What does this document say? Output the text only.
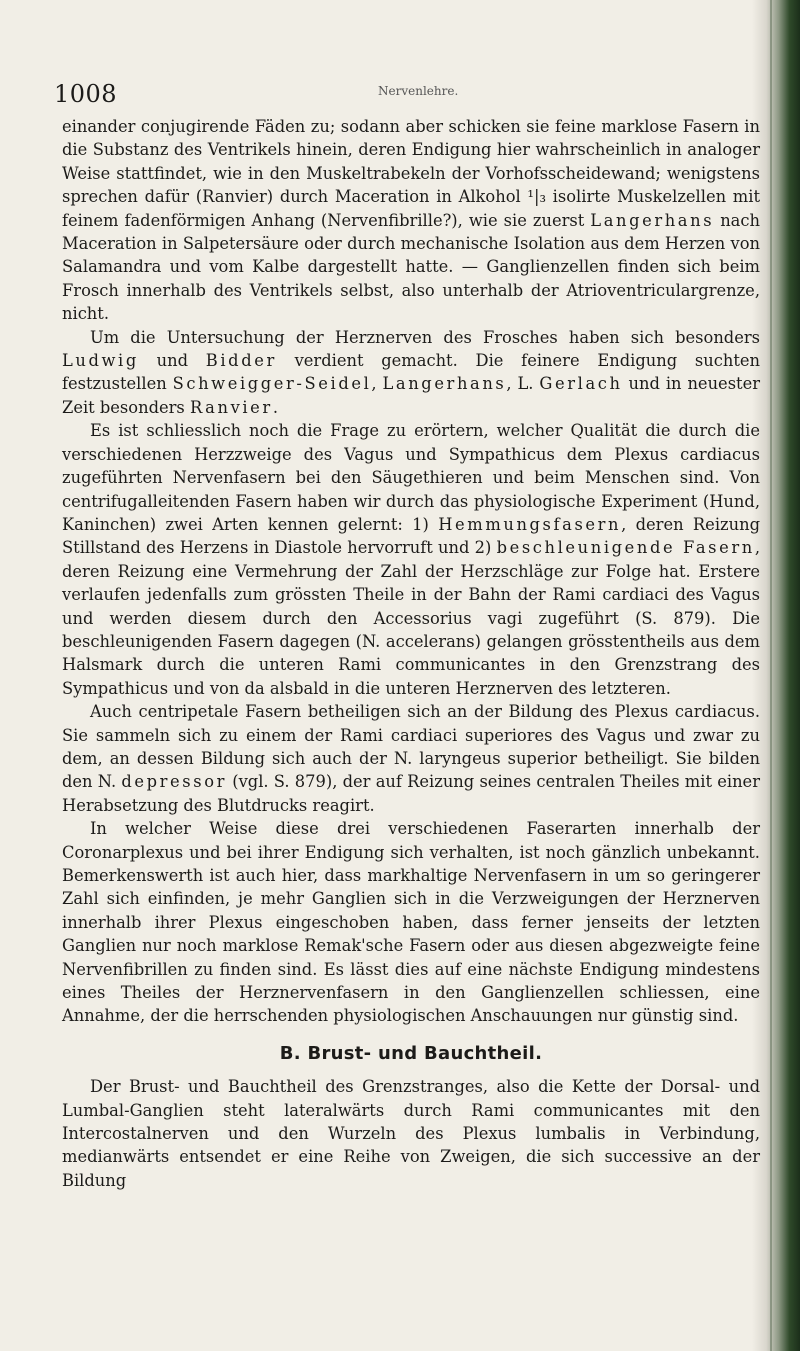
1008	Nervenlehre.

einander conjugirende Fäden zu; sodann aber schicken sie feine marklose Fasern in die Substanz des Ventrikels hinein, deren Endigung hier wahrscheinlich in analoger Weise stattfindet, wie in den Muskeltrabekeln der Vorhofsscheidewand; wenigstens sprechen dafür (Ranvier) durch Maceration in Alkohol ¹|₃ isolirte Muskelzellen mit feinem fadenförmigen Anhang (Nervenfibrille?), wie sie zuerst Langerhans nach Maceration in Salpetersäure oder durch mechanische Isolation aus dem Herzen von Salamandra und vom Kalbe dargestellt hatte. — Ganglienzellen finden sich beim Frosch innerhalb des Ventrikels selbst, also unterhalb der Atrioventriculargrenze, nicht.

Um die Untersuchung der Herznerven des Frosches haben sich besonders Ludwig und Bidder verdient gemacht. Die feinere Endigung suchten festzustellen Schweigger-Seidel, Langerhans, L. Gerlach und in neuester Zeit besonders Ranvier.

Es ist schliesslich noch die Frage zu erörtern, welcher Qualität die durch die verschiedenen Herzzweige des Vagus und Sympathicus dem Plexus cardiacus zugeführten Nervenfasern bei den Säugethieren und beim Menschen sind. Von centrifugalleitenden Fasern haben wir durch das physiologische Experiment (Hund, Kaninchen) zwei Arten kennen gelernt: 1) Hemmungsfasern, deren Reizung Stillstand des Herzens in Diastole hervorruft und 2) beschleunigende Fasern, deren Reizung eine Vermehrung der Zahl der Herzschläge zur Folge hat. Erstere verlaufen jedenfalls zum grössten Theile in der Bahn der Rami cardiaci des Vagus und werden diesem durch den Accessorius vagi zugeführt (S. 879). Die beschleunigenden Fasern dagegen (N. accelerans) gelangen grösstentheils aus dem Halsmark durch die unteren Rami communicantes in den Grenzstrang des Sympathicus und von da alsbald in die unteren Herznerven des letzteren.

Auch centripetale Fasern betheiligen sich an der Bildung des Plexus cardiacus. Sie sammeln sich zu einem der Rami cardiaci superiores des Vagus und zwar zu dem, an dessen Bildung sich auch der N. laryngeus superior betheiligt. Sie bilden den N. depressor (vgl. S. 879), der auf Reizung seines centralen Theiles mit einer Herabsetzung des Blutdrucks reagirt.

In welcher Weise diese drei verschiedenen Faserarten innerhalb der Coronarplexus und bei ihrer Endigung sich verhalten, ist noch gänzlich unbekannt. Bemerkenswerth ist auch hier, dass markhaltige Nervenfasern in um so geringerer Zahl sich einfinden, je mehr Ganglien sich in die Verzweigungen der Herznerven innerhalb ihrer Plexus eingeschoben haben, dass ferner jenseits der letzten Ganglien nur noch marklose Remak'sche Fasern oder aus diesen abgezweigte feine Nervenfibrillen zu finden sind. Es lässt dies auf eine nächste Endigung mindestens eines Theiles der Herznervenfasern in den Ganglienzellen schliessen, eine Annahme, der die herrschenden physiologischen Anschauungen nur günstig sind.

B. Brust- und Bauchtheil.

Der Brust- und Bauchtheil des Grenzstranges, also die Kette der Dorsal- und Lumbal-Ganglien steht lateralwärts durch Rami communicantes mit den Intercostalnerven und den Wurzeln des Plexus lumbalis in Verbindung, medianwärts entsendet er eine Reihe von Zweigen, die sich successive an der Bildung
